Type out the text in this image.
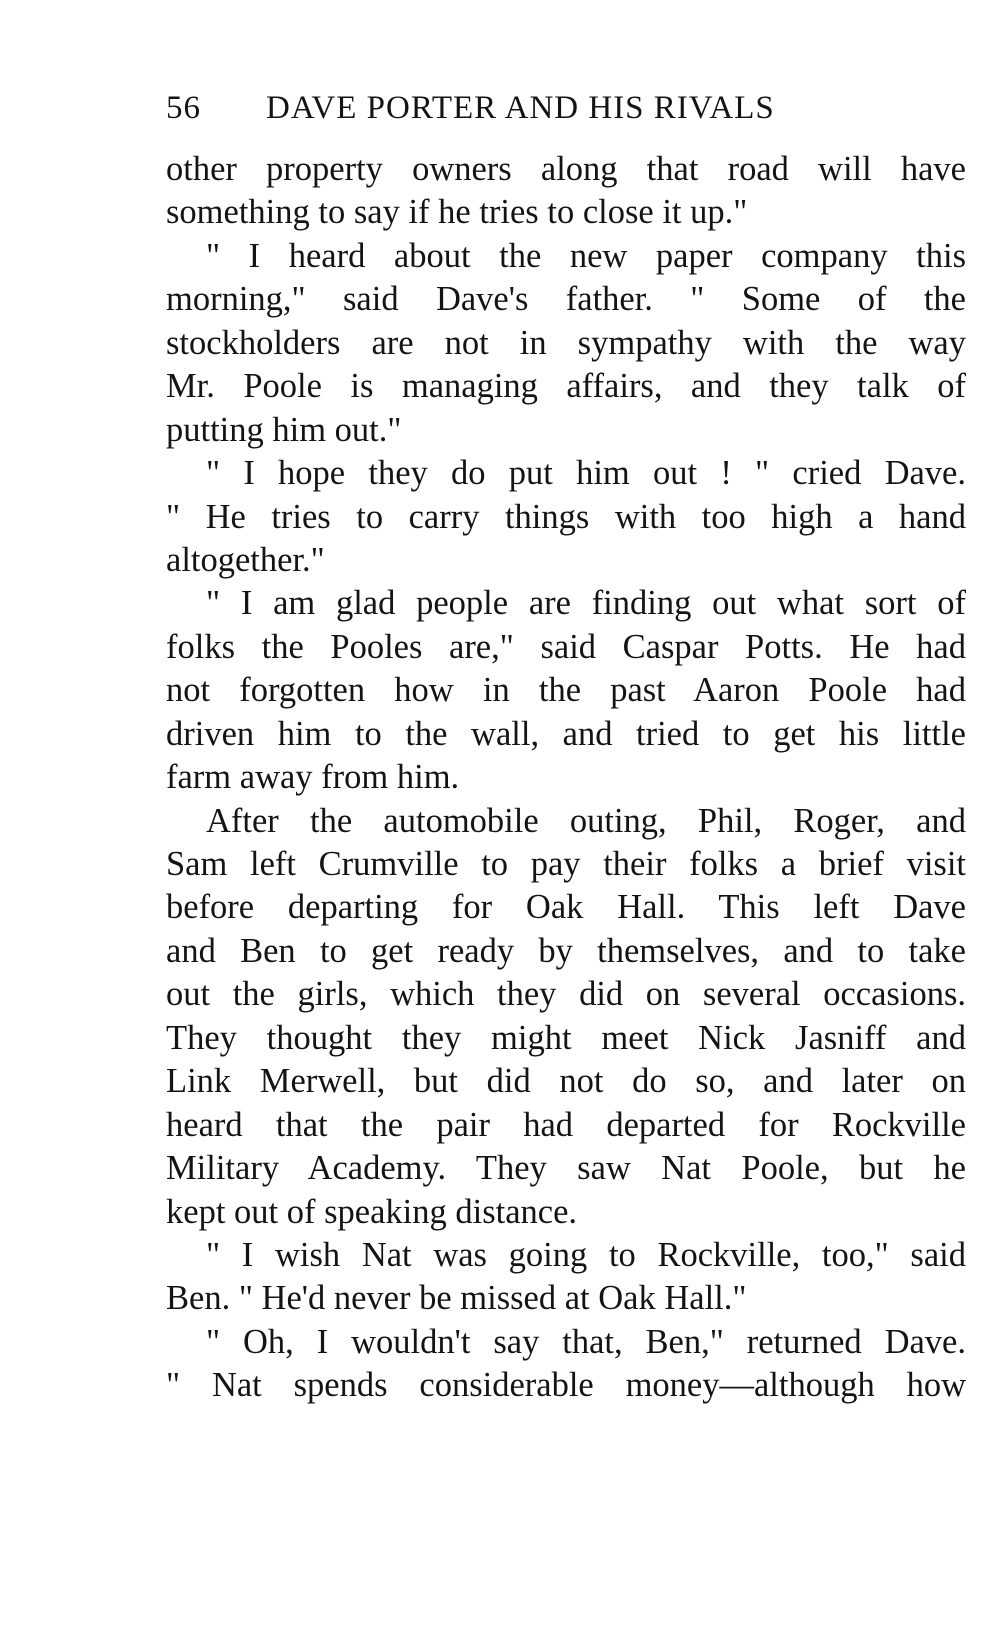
56 DAVE PORTER AND HIS RIVALS
other property owners along that road will have
something to say if he tries to close it up."
" I heard about the new paper company this
morning," said Dave's father. " Some of the
stockholders are not in sympathy with the way
Mr. Poole is managing affairs, and they talk of
putting him out."
" I hope they do put him out ! " cried Dave.
" He tries to carry things with too high a hand
altogether."
" I am glad people are finding out what sort of
folks the Pooles are," said Caspar Potts. He had
not forgotten how in the past Aaron Poole had
driven him to the wall, and tried to get his little
farm away from him.
After the automobile outing, Phil, Roger, and
Sam left Crumville to pay their folks a brief visit
before departing for Oak Hall. This left Dave
and Ben to get ready by themselves, and to take
out the girls, which they did on several occasions.
They thought they might meet Nick Jasniff and
Link Merwell, but did not do so, and later on
heard that the pair had departed for Rockville
Military Academy. They saw Nat Poole, but he
kept out of speaking distance.
" I wish Nat was going to Rockville, too," said
Ben. " He'd never be missed at Oak Hall."
" Oh, I wouldn't say that, Ben," returned Dave.
" Nat spends considerable money—although how
